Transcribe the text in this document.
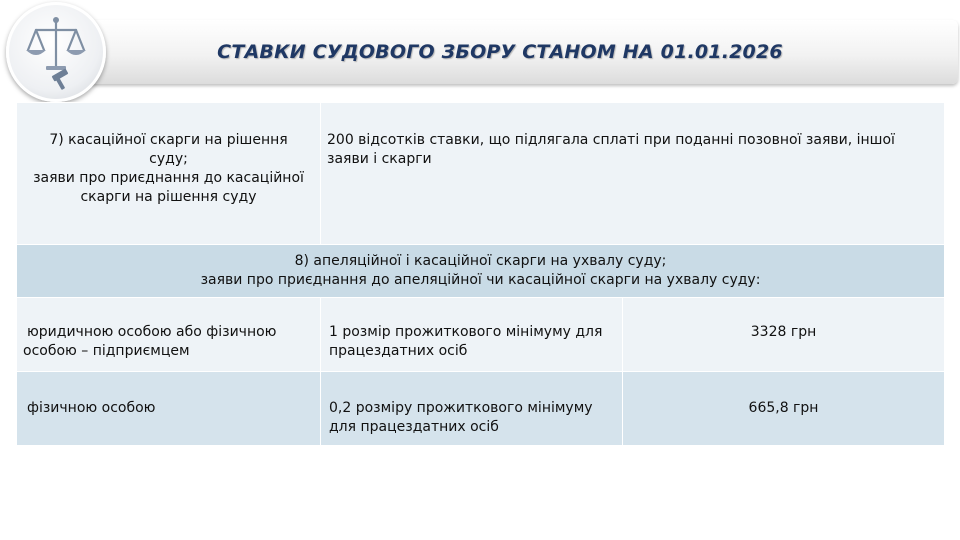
СТАВКИ СУДОВОГО ЗБОРУ СТАНОМ НА 01.01.2026
7) касаційної скарги на рішення суду;
заяви про приєднання до касаційної скарги на рішення суду	200 відсотків ставки, що підлягала сплаті при поданні позовної заяви, іншої заяви і скарги	

8) апеляційної і касаційної скарги на ухвалу суду;
заяви про приєднання до апеляційної чи касаційної скарги на ухвалу суду:		

юридичною особою або фізичною особою – підприємцем	1 розмір прожиткового мінімуму для працездатних осіб	3328 грн

фізичною особою	0,2 розміру прожиткового мінімуму для працездатних осіб	665,8 грн
